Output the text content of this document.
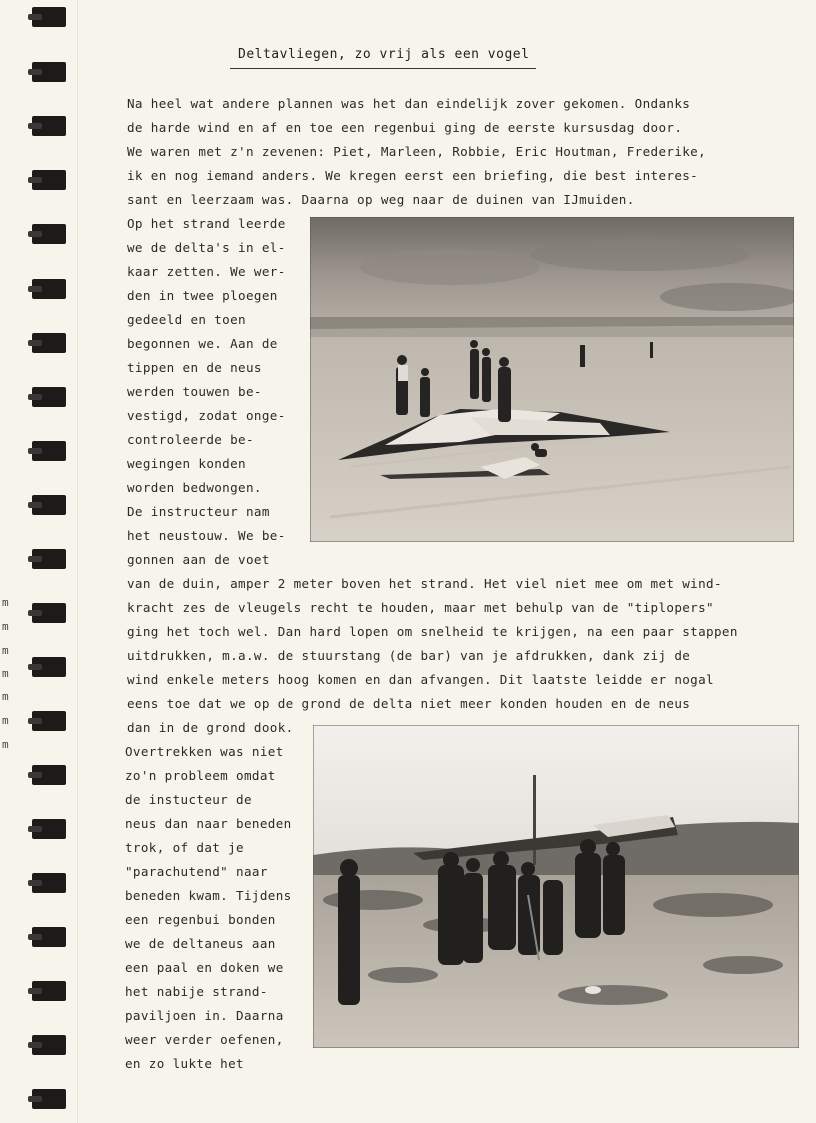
m
m
m
m
m
m
m
Deltavliegen, zo vrij als een vogel
Na heel wat andere plannen was het dan eindelijk zover gekomen. Ondanks
de harde wind en af en toe een regenbui ging de eerste kursusdag door.
We waren met z'n zevenen: Piet, Marleen, Robbie, Eric Houtman, Frederike,
ik en nog iemand anders. We kregen eerst een briefing, die best interes-
sant en leerzaam was. Daarna op weg naar de duinen van IJmuiden.
Op het strand leerde
we de delta's in el-
kaar zetten. We wer-
den in twee ploegen
gedeeld en toen
begonnen we. Aan de
tippen en de neus
werden touwen be-
vestigd, zodat onge-
controleerde be-
wegingen konden
worden bedwongen.
De instructeur nam
het neustouw. We be-
gonnen aan de voet
van de duin, amper 2 meter boven het strand. Het viel niet mee om met wind-
kracht zes de vleugels recht te houden, maar met behulp van de "tiplopers"
ging het toch wel. Dan hard lopen om snelheid te krijgen, na een paar stappen
uitdrukken, m.a.w. de stuurstang (de bar) van je afdrukken, dank zij de
wind enkele meters hoog komen en dan afvangen. Dit laatste leidde er nogal
eens toe dat we op de grond de delta niet meer konden houden en de neus
dan in de grond dook.
Overtrekken was niet
zo'n probleem omdat
de instucteur de
neus dan naar beneden
trok, of dat je
"parachutend" naar
beneden kwam. Tijdens
een regenbui bonden
we de deltaneus aan
een paal en doken we
het nabije strand-
paviljoen in. Daarna
weer verder oefenen,
en zo lukte het
